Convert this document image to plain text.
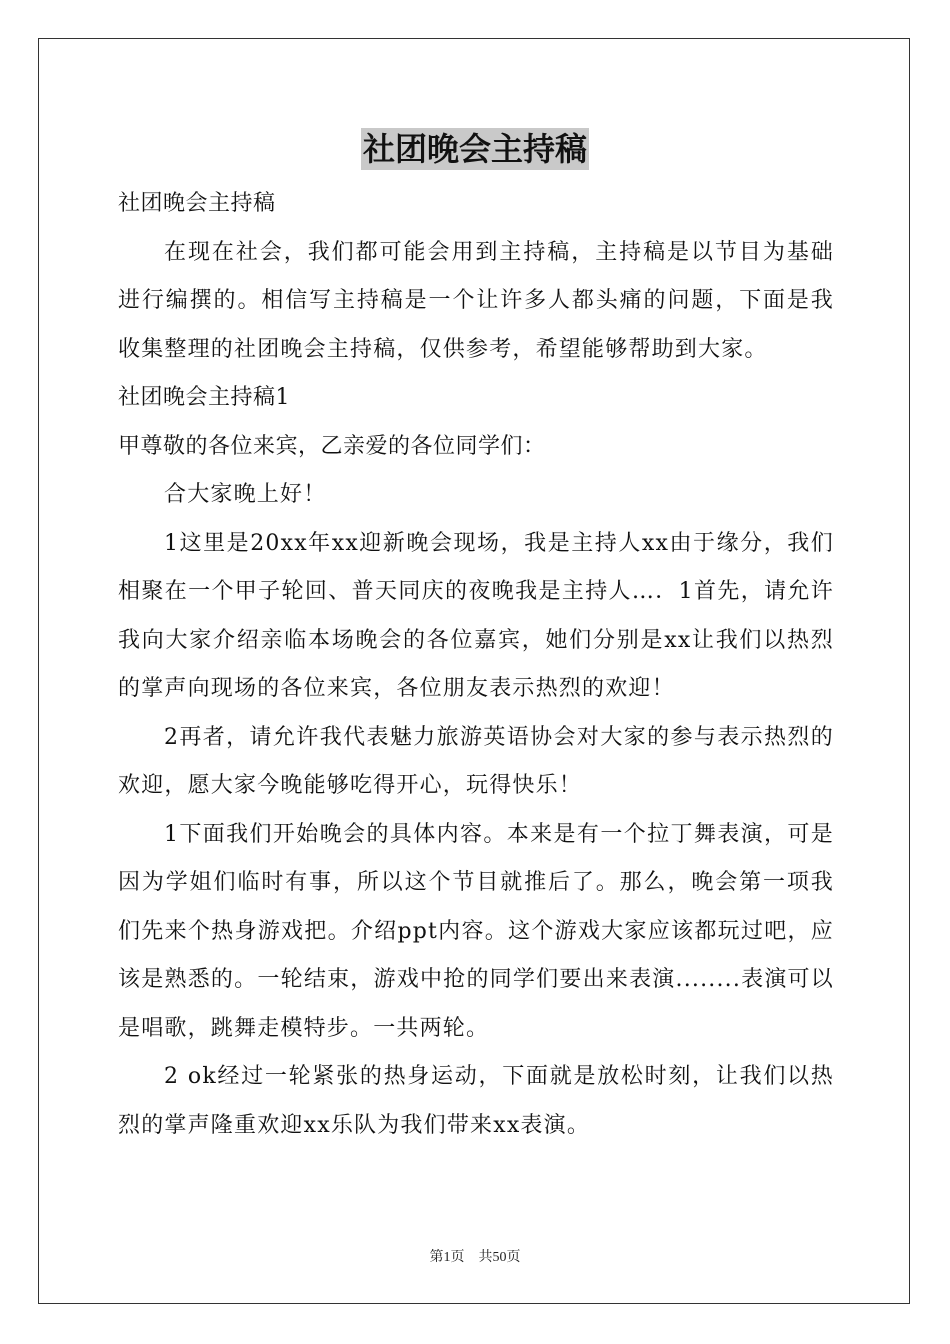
社团晚会主持稿

社团晚会主持稿

在现在社会，我们都可能会用到主持稿，主持稿是以节目为基础进行编撰的。相信写主持稿是一个让许多人都头痛的问题，下面是我收集整理的社团晚会主持稿，仅供参考，希望能够帮助到大家。

社团晚会主持稿1

甲尊敬的各位来宾，乙亲爱的各位同学们：

合大家晚上好！

1这里是20xx年xx迎新晚会现场，我是主持人xx由于缘分，我们相聚在一个甲子轮回、普天同庆的夜晚我是主持人…．1首先，请允许我向大家介绍亲临本场晚会的各位嘉宾，她们分别是xx让我们以热烈的掌声向现场的各位来宾，各位朋友表示热烈的欢迎！

2再者，请允许我代表魅力旅游英语协会对大家的参与表示热烈的欢迎，愿大家今晚能够吃得开心，玩得快乐！

1下面我们开始晚会的具体内容。本来是有一个拉丁舞表演，可是因为学姐们临时有事，所以这个节目就推后了。那么，晚会第一项我们先来个热身游戏把。介绍ppt内容。这个游戏大家应该都玩过吧，应该是熟悉的。一轮结束，游戏中抢的同学们要出来表演........表演可以是唱歌，跳舞走模特步。一共两轮。

2 ok经过一轮紧张的热身运动，下面就是放松时刻，让我们以热烈的掌声隆重欢迎xx乐队为我们带来xx表演。

第1页 共50页
